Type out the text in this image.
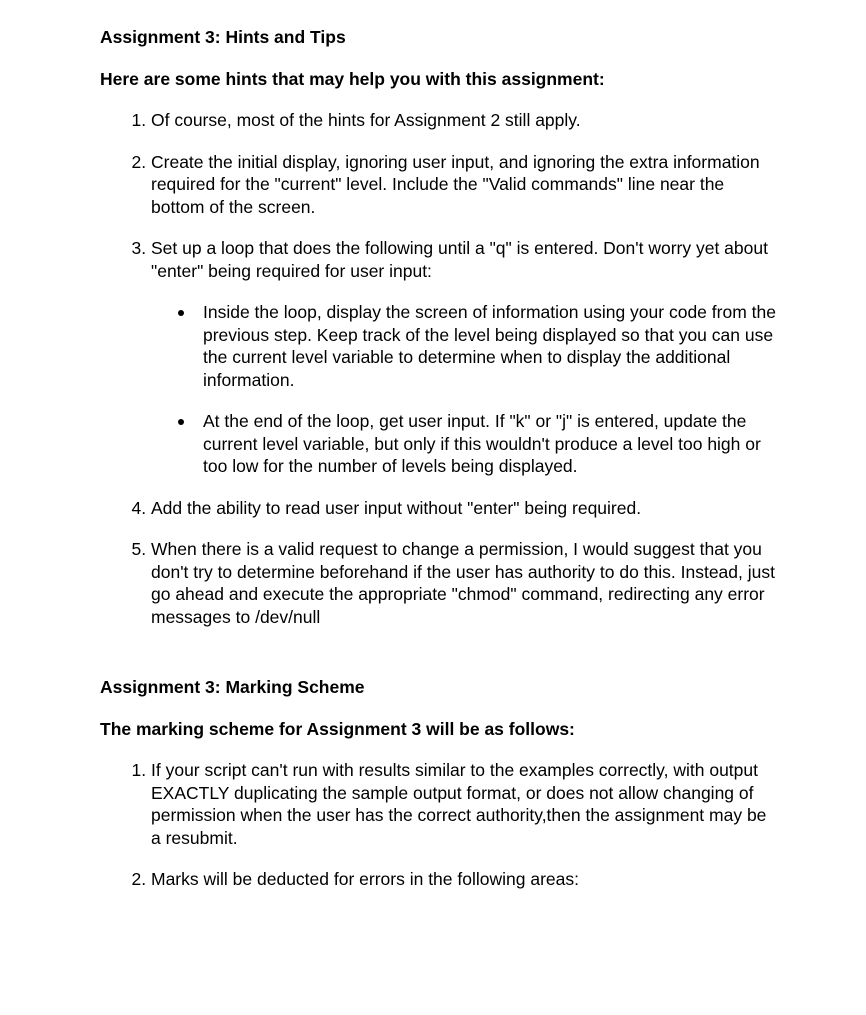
Assignment 3: Hints and Tips

Here are some hints that may help you with this assignment:

1. Of course, most of the hints for Assignment 2 still apply.
2. Create the initial display, ignoring user input, and ignoring the extra information required for the "current" level. Include the "Valid commands" line near the bottom of the screen.
3. Set up a loop that does the following until a "q" is entered. Don't worry yet about "enter" being required for user input:
Inside the loop, display the screen of information using your code from the previous step. Keep track of the level being displayed so that you can use the current level variable to determine when to display the additional information.
At the end of the loop, get user input. If "k" or "j" is entered, update the current level variable, but only if this wouldn't produce a level too high or too low for the number of levels being displayed.
4. Add the ability to read user input without "enter" being required.
5. When there is a valid request to change a permission, I would suggest that you don't try to determine beforehand if the user has authority to do this. Instead, just go ahead and execute the appropriate "chmod" command, redirecting any error messages to /dev/null

Assignment 3: Marking Scheme

The marking scheme for Assignment 3 will be as follows:

1. If your script can't run with results similar to the examples correctly, with output EXACTLY duplicating the sample output format, or does not allow changing of permission when the user has the correct authority,then the assignment may be a resubmit.
2. Marks will be deducted for errors in the following areas:
